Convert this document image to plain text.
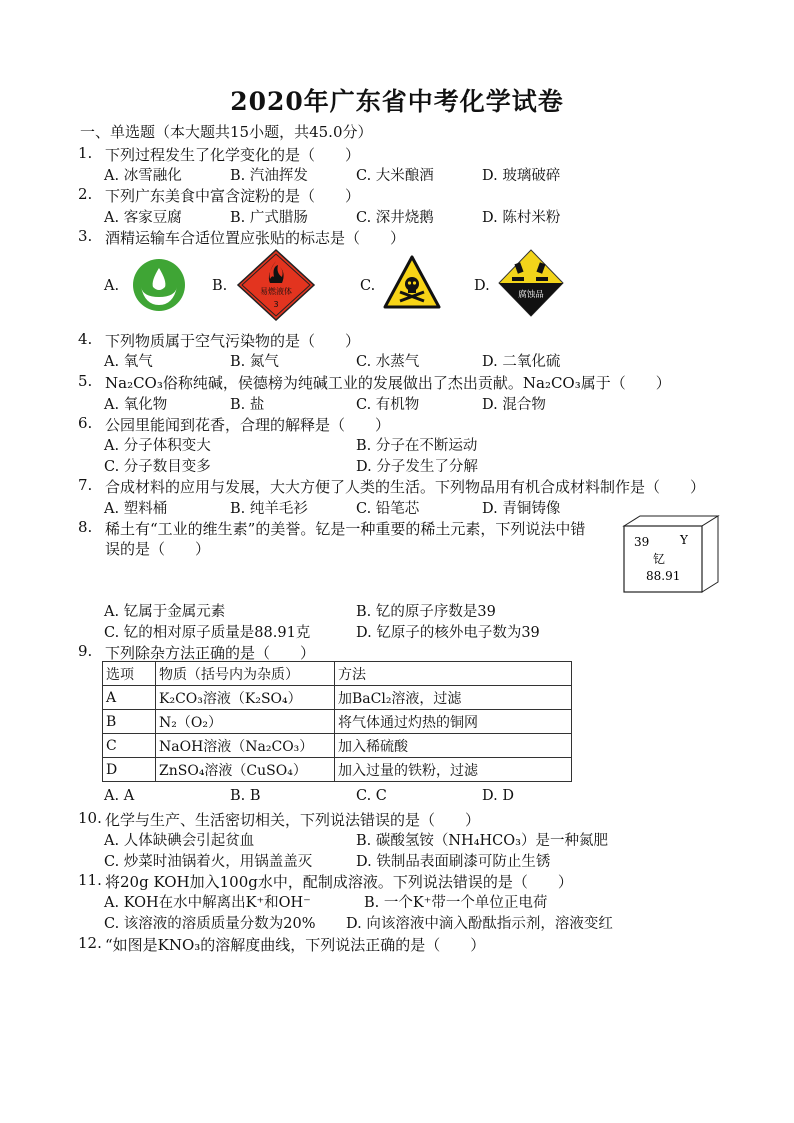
2020年广东省中考化学试卷
一、单选题（本大题共15小题，共45.0分）
1. 下列过程发生了化学变化的是（　　）
A. 冰雪融化	B. 汽油挥发	C. 大米酿酒	D. 玻璃破碎
2. 下列广东美食中富含淀粉的是（　　）
A. 客家豆腐	B. 广式腊肠	C. 深井烧鹅	D. 陈村米粉
3. 酒精运输车合适位置应张贴的标志是（　　）
A.	B.	易燃液体
3
C.	D.
腐蚀品
4. 下列物质属于空气污染物的是（　　）
A. 氧气	B. 氮气	C. 水蒸气	D. 二氧化硫
5. Na₂CO₃俗称纯碱，侯德榜为纯碱工业的发展做出了杰出贡献。Na₂CO₃属于（　　）
A. 氧化物	B. 盐	C. 有机物	D. 混合物
6. 公园里能闻到花香，合理的解释是（　　）
A. 分子体积变大	B. 分子在不断运动
C. 分子数目变多	D. 分子发生了分解
7. 合成材料的应用与发展，大大方便了人类的生活。下列物品用有机合成材料制作是（　　）
A. 塑料桶	B. 纯羊毛衫	C. 铅笔芯	D. 青铜铸像
8. 稀土有“工业的维生素”的美誉。钇是一种重要的稀土元素，下列说法中错
误的是（　　）	39	Y
钇
88.91
A. 钇属于金属元素	B. 钇的原子序数是39
C. 钇的相对原子质量是88.91克	D. 钇原子的核外电子数为39
9. 下列除杂方法正确的是（　　）
选项	物质（括号内为杂质）	方法
A	K₂CO₃溶液（K₂SO₄）	加BaCl₂溶液，过滤
B	N₂（O₂）	将气体通过灼热的铜网
C	NaOH溶液（Na₂CO₃）	加入稀硫酸
D	ZnSO₄溶液（CuSO₄）	加入过量的铁粉，过滤
A. A	B. B	C. C	D. D
10. 化学与生产、生活密切相关，下列说法错误的是（　　）
A. 人体缺碘会引起贫血	B. 碳酸氢铵（NH₄HCO₃）是一种氮肥
C. 炒菜时油锅着火，用锅盖盖灭	D. 铁制品表面刷漆可防止生锈
11. 将20g KOH加入100g水中，配制成溶液。下列说法错误的是（　　）
A. KOH在水中解离出K⁺和OH⁻	B. 一个K⁺带一个单位正电荷
C. 该溶液的溶质质量分数为20% D. 向该溶液中滴入酚酞指示剂，溶液变红
12. “如图是KNO₃的溶解度曲线，下列说法正确的是（　　）
